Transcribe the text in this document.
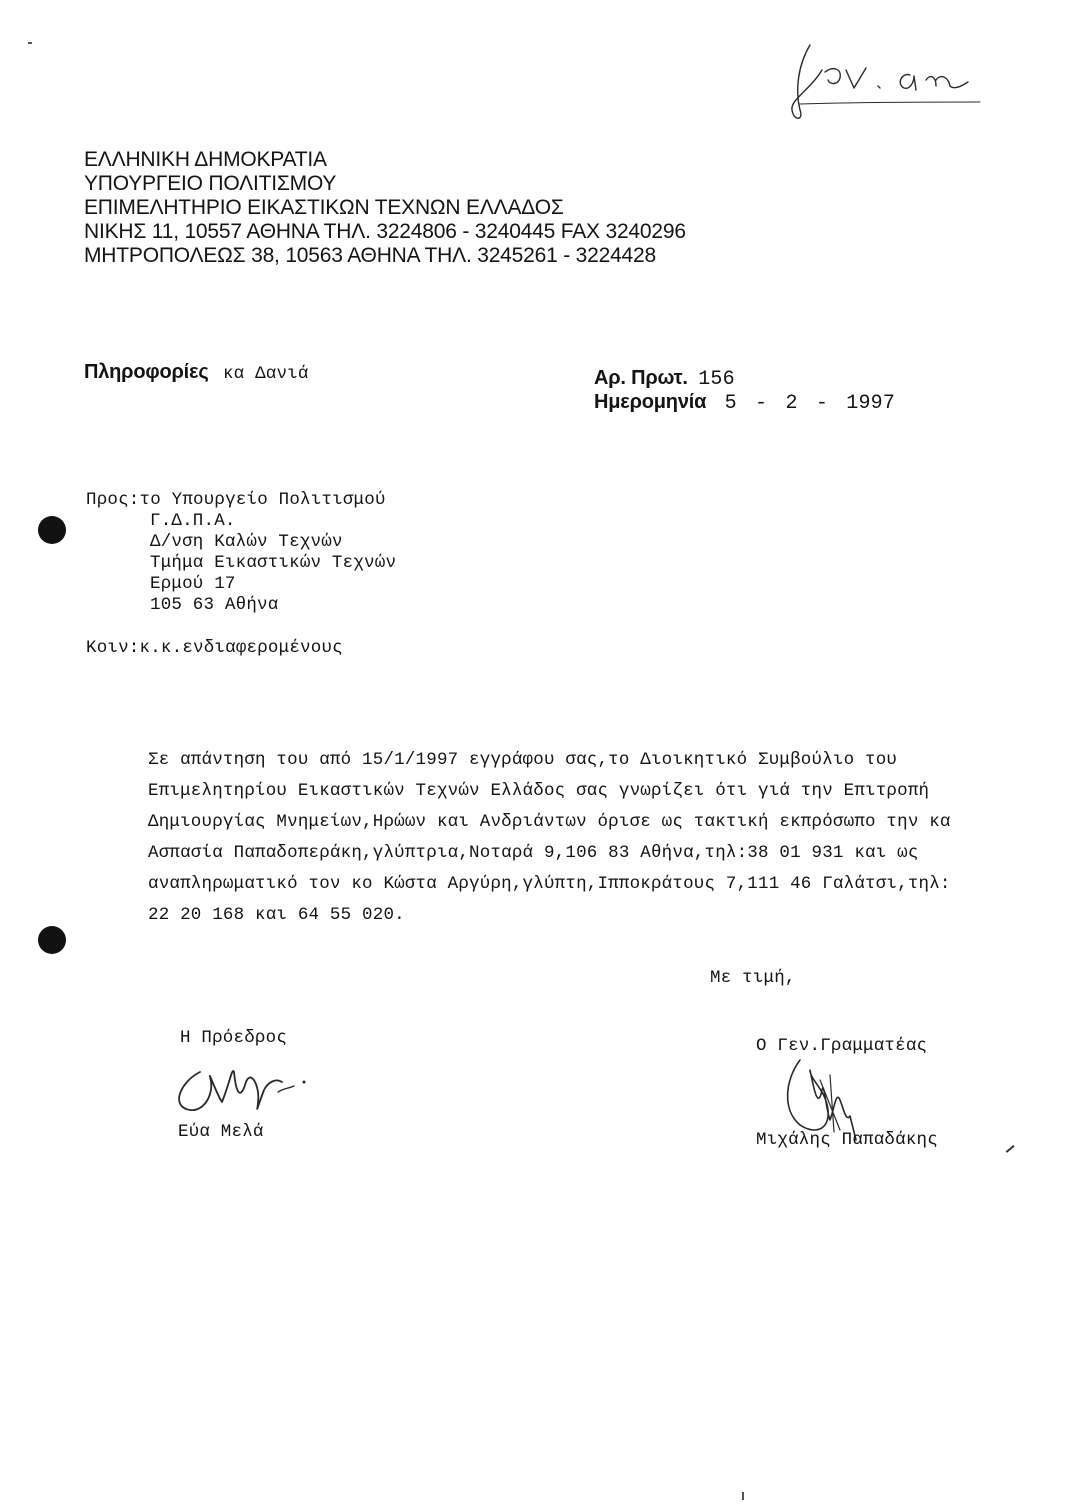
ΕΛΛΗΝΙΚΗ ΔΗΜΟΚΡΑΤΙΑ
ΥΠΟΥΡΓΕΙΟ ΠΟΛΙΤΙΣΜΟΥ
ΕΠΙΜΕΛΗΤΗΡΙΟ ΕΙΚΑΣΤΙΚΩΝ ΤΕΧΝΩΝ ΕΛΛΑΔΟΣ
ΝΙΚΗΣ 11, 10557 ΑΘΗΝΑ ΤΗΛ. 3224806 - 3240445 FAX 3240296
ΜΗΤΡΟΠΟΛΕΩΣ 38, 10563 ΑΘΗΝΑ ΤΗΛ. 3245261 - 3224428
Πληροφορίες κα Δανιά	Αρ. Πρωτ. 156
Ημερομηνία 5 - 2 - 1997
Προς:το Υπουργείο Πολιτισμού
Γ.Δ.Π.Α.
Δ/νση Καλών Τεχνών
Τμήμα Εικαστικών Τεχνών
Ερμού 17
105 63 Αθήνα
Κοιν:κ.κ.ενδιαφερομένους
Σε απάντηση του από 15/1/1997 εγγράφου σας,το Διοικητικό Συμβούλιο του
Επιμελητηρίου Εικαστικών Τεχνών Ελλάδος σας γνωρίζει ότι γιά την Επιτροπή
Δημιουργίας Μνημείων,Ηρώων και Ανδριάντων όρισε ως τακτική εκπρόσωπο την κα
Ασπασία Παπαδοπεράκη,γλύπτρια,Νοταρά 9,106 83 Αθήνα,τηλ:38 01 931 και ως
αναπληρωματικό τον κο Κώστα Αργύρη,γλύπτη,Ιπποκράτους 7,111 46 Γαλάτσι,τηλ:
22 20 168 και 64 55 020.
Με τιμή,
Η Πρόεδρος
Εύα Μελά
Ο Γεν.Γραμματέας
Μιχάλης Παπαδάκης
